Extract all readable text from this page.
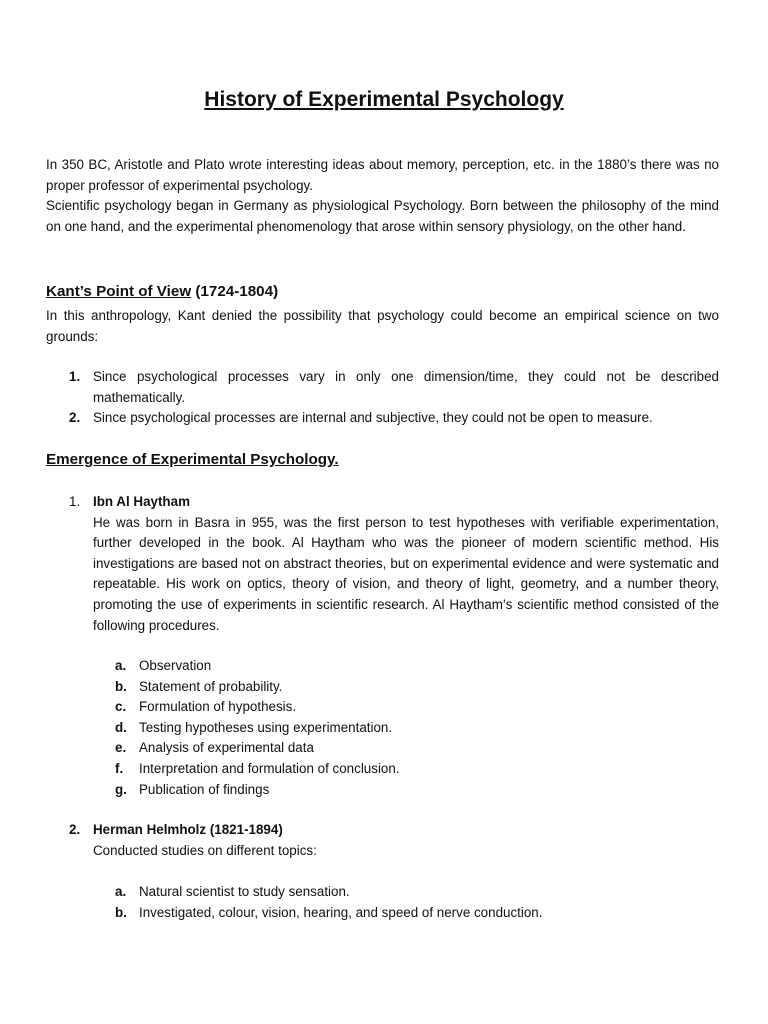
History of Experimental Psychology

In 350 BC, Aristotle and Plato wrote interesting ideas about memory, perception, etc. in the 1880’s there was no proper professor of experimental psychology.

Scientific psychology began in Germany as physiological Psychology. Born between the philosophy of the mind on one hand, and the experimental phenomenology that arose within sensory physiology, on the other hand.

Kant’s Point of View (1724-1804)

In this anthropology, Kant denied the possibility that psychology could become an empirical science on two grounds:

1. Since psychological processes vary in only one dimension/time, they could not be described mathematically.
2. Since psychological processes are internal and subjective, they could not be open to measure.
Emergence of Experimental Psychology.
1. Ibn Al Haytham
He was born in Basra in 955, was the first person to test hypotheses with verifiable experimentation, further developed in the book. Al Haytham who was the pioneer of modern scientific method. His investigations are based not on abstract theories, but on experimental evidence and were systematic and repeatable. His work on optics, theory of vision, and theory of light, geometry, and a number theory, promoting the use of experiments in scientific research. Al Haytham’s scientific method consisted of the following procedures.
a. Observation
b. Statement of probability.
c. Formulation of hypothesis.
d. Testing hypotheses using experimentation.
e. Analysis of experimental data
f. Interpretation and formulation of conclusion.
g. Publication of findings
2. Herman Helmholz (1821-1894)
Conducted studies on different topics:
a. Natural scientist to study sensation.
b. Investigated, colour, vision, hearing, and speed of nerve conduction.
